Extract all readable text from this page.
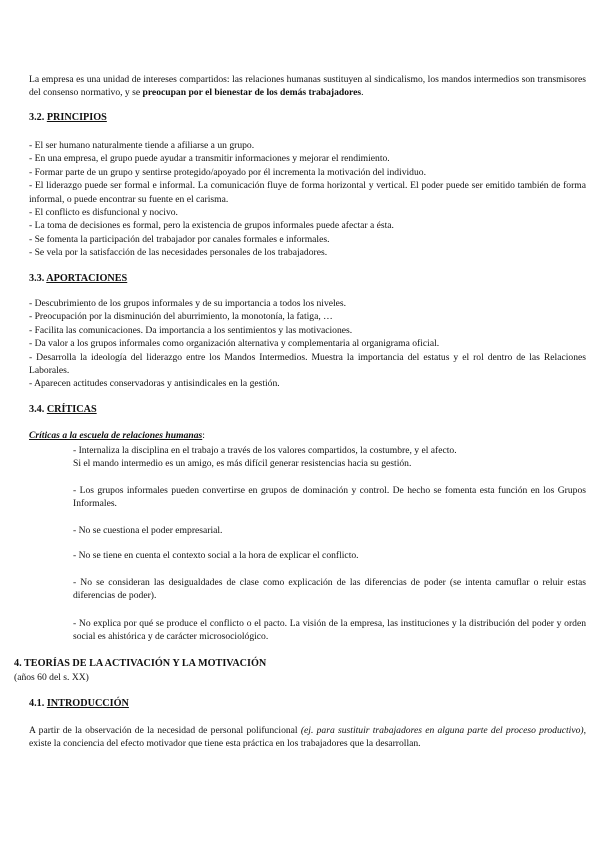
La empresa es una unidad de intereses compartidos: las relaciones humanas sustituyen al sindicalismo, los mandos intermedios son transmisores del consenso normativo, y se preocupan por el bienestar de los demás trabajadores.

3.2. PRINCIPIOS

- El ser humano naturalmente tiende a afiliarse a un grupo.

- En una empresa, el grupo puede ayudar a transmitir informaciones y mejorar el rendimiento.

- Formar parte de un grupo y sentirse protegido/apoyado por él incrementa la motivación del individuo.

- El liderazgo puede ser formal e informal. La comunicación fluye de forma horizontal y vertical. El poder puede ser emitido también de forma informal, o puede encontrar su fuente en el carisma.

- El conflicto es disfuncional y nocivo.

- La toma de decisiones es formal, pero la existencia de grupos informales puede afectar a ésta.

- Se fomenta la participación del trabajador por canales formales e informales.

- Se vela por la satisfacción de las necesidades personales de los trabajadores.

3.3. APORTACIONES

- Descubrimiento de los grupos informales y de su importancia a todos los niveles.

- Preocupación por la disminución del aburrimiento, la monotonía, la fatiga, …

- Facilita las comunicaciones. Da importancia a los sentimientos y las motivaciones.

- Da valor a los grupos informales como organización alternativa y complementaria al organigrama oficial.

- Desarrolla la ideología del liderazgo entre los Mandos Intermedios. Muestra la importancia del estatus y el rol dentro de las Relaciones Laborales.

- Aparecen actitudes conservadoras y antisindicales en la gestión.

3.4. CRÍTICAS
Críticas a la escuela de relaciones humanas:

- Internaliza la disciplina en el trabajo a través de los valores compartidos, la costumbre, y el afecto.

Si el mando intermedio es un amigo, es más difícil generar resistencias hacia su gestión.

- Los grupos informales pueden convertirse en grupos de dominación y control. De hecho se fomenta esta función en los Grupos Informales.

- No se cuestiona el poder empresarial.

- No se tiene en cuenta el contexto social a la hora de explicar el conflicto.

- No se consideran las desigualdades de clase como explicación de las diferencias de poder (se intenta camuflar o reluir estas diferencias de poder).

- No explica por qué se produce el conflicto o el pacto. La visión de la empresa, las instituciones y la distribución del poder y orden social es ahistórica y de carácter microsociológico.

4. TEORÍAS DE LA ACTIVACIÓN Y LA MOTIVACIÓN
(años 60 del s. XX)
4.1. INTRODUCCIÓN

A partir de la observación de la necesidad de personal polifuncional (ej. para sustituir trabajadores en alguna parte del proceso productivo), existe la conciencia del efecto motivador que tiene esta práctica en los trabajadores que la desarrollan.
